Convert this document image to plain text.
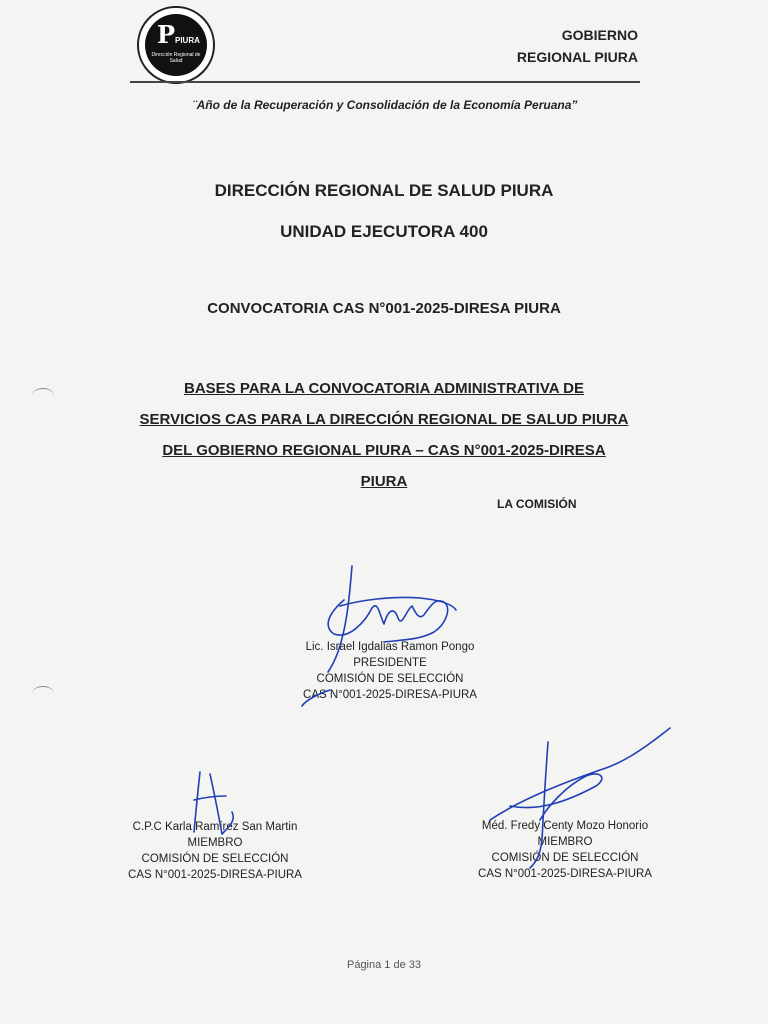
P PIURA
Dirección Regional de Salud
GOBIERNO
REGIONAL PIURA
¨Año de la Recuperación y Consolidación de la Economía Peruana”
DIRECCIÓN REGIONAL DE SALUD PIURA
UNIDAD EJECUTORA 400
CONVOCATORIA CAS N°001-2025-DIRESA PIURA
BASES PARA LA CONVOCATORIA ADMINISTRATIVA DE
SERVICIOS CAS PARA LA DIRECCIÓN REGIONAL DE SALUD PIURA
DEL GOBIERNO REGIONAL PIURA – CAS N°001-2025-DIRESA
PIURA
LA COMISIÓN
Lic. Israel Igdalias Ramon Pongo
PRESIDENTE
COMISIÓN DE SELECCIÓN
CAS N°001-2025-DIRESA-PIURA
C.P.C Karla Ramírez San Martin
MIEMBRO
COMISIÓN DE SELECCIÓN
CAS N°001-2025-DIRESA-PIURA
Méd. Fredy Centy Mozo Honorio
MIEMBRO
COMISIÓN DE SELECCIÓN
CAS N°001-2025-DIRESA-PIURA
Página 1 de 33
